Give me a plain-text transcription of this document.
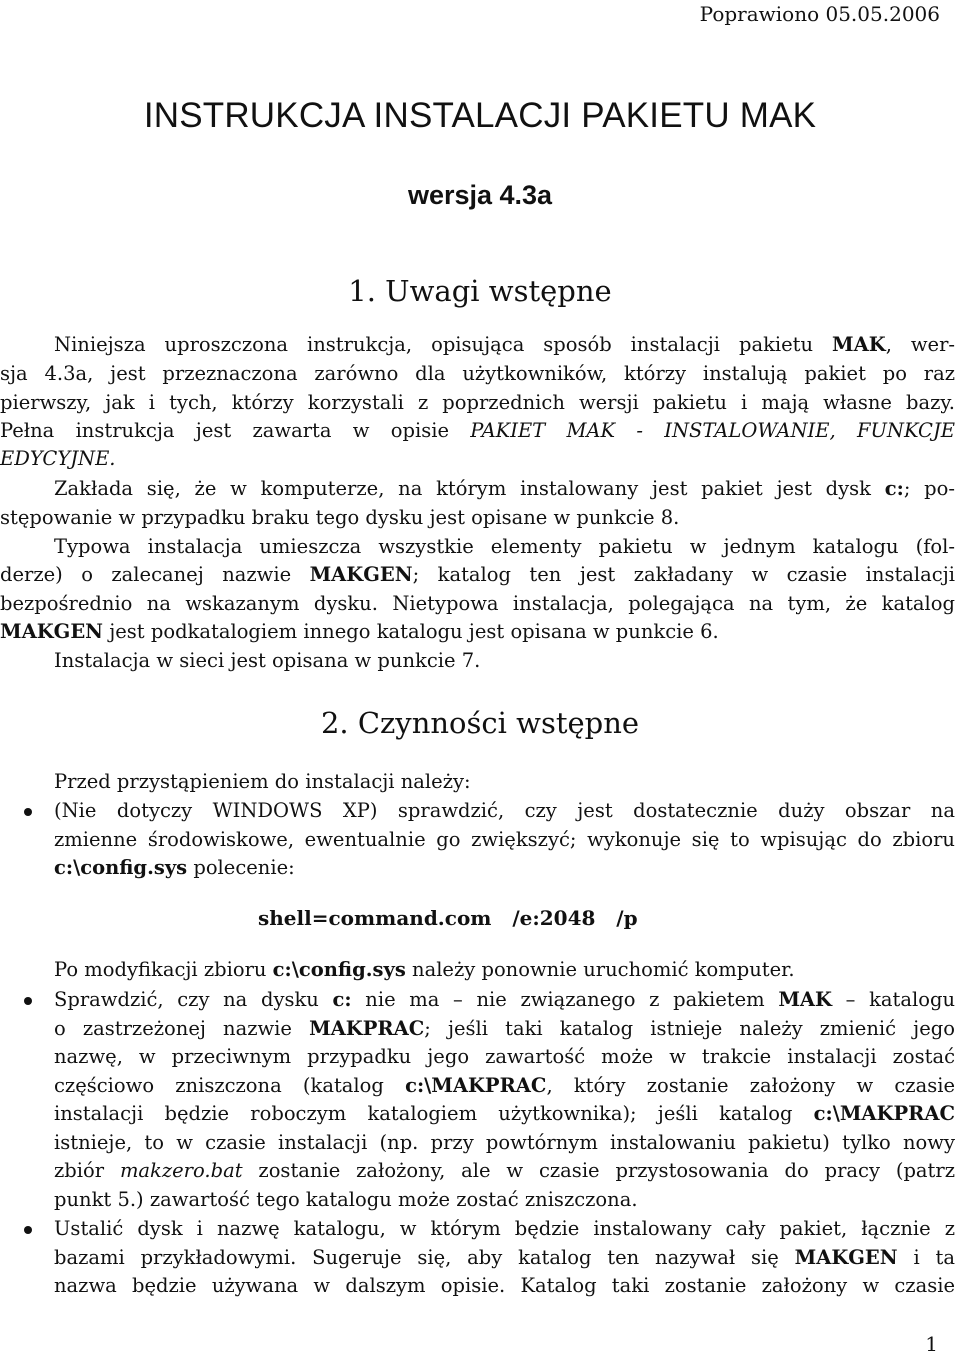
Poprawiono 05.05.2006
INSTRUKCJA INSTALACJI PAKIETU MAK
wersja 4.3a
1. Uwagi wstępne
Niniejsza uproszczona instrukcja, opisująca sposób instalacji pakietu MAK, wer-
sja 4.3a, jest przeznaczona zarówno dla użytkowników, którzy instalują pakiet po raz
pierwszy, jak i tych, którzy korzystali z poprzednich wersji pakietu i mają własne bazy.
Pełna instrukcja jest zawarta w opisie PAKIET MAK - INSTALOWANIE, FUNKCJE
EDYCYJNE.
Zakłada się, że w komputerze, na którym instalowany jest pakiet jest dysk c:; po-
stępowanie w przypadku braku tego dysku jest opisane w punkcie 8.
Typowa instalacja umieszcza wszystkie elementy pakietu w jednym katalogu (fol-
derze) o zalecanej nazwie MAKGEN; katalog ten jest zakładany w czasie instalacji
bezpośrednio na wskazanym dysku. Nietypowa instalacja, polegająca na tym, że katalog
MAKGEN jest podkatalogiem innego katalogu jest opisana w punkcie 6.
Instalacja w sieci jest opisana w punkcie 7.
2. Czynności wstępne
Przed przystąpieniem do instalacji należy:
(Nie dotyczy WINDOWS XP) sprawdzić, czy jest dostatecznie duży obszar na
zmienne środowiskowe, ewentualnie go zwiększyć; wykonuje się to wpisując do zbioru
c:\config.sys polecenie:
shell=command.com   /e:2048   /p
Po modyfikacji zbioru c:\config.sys należy ponownie uruchomić komputer.
Sprawdzić, czy na dysku c: nie ma – nie związanego z pakietem MAK – katalogu
o zastrzeżonej nazwie MAKPRAC; jeśli taki katalog istnieje należy zmienić jego
nazwę, w przeciwnym przypadku jego zawartość może w trakcie instalacji zostać
częściowo zniszczona (katalog c:\MAKPRAC, który zostanie założony w czasie
instalacji będzie roboczym katalogiem użytkownika); jeśli katalog c:\MAKPRAC
istnieje, to w czasie instalacji (np. przy powtórnym instalowaniu pakietu) tylko nowy
zbiór makzero.bat zostanie założony, ale w czasie przystosowania do pracy (patrz
punkt 5.) zawartość tego katalogu może zostać zniszczona.
Ustalić dysk i nazwę katalogu, w którym będzie instalowany cały pakiet, łącznie z
bazami przykładowymi. Sugeruje się, aby katalog ten nazywał się MAKGEN i ta
nazwa będzie używana w dalszym opisie. Katalog taki zostanie założony w czasie
1
